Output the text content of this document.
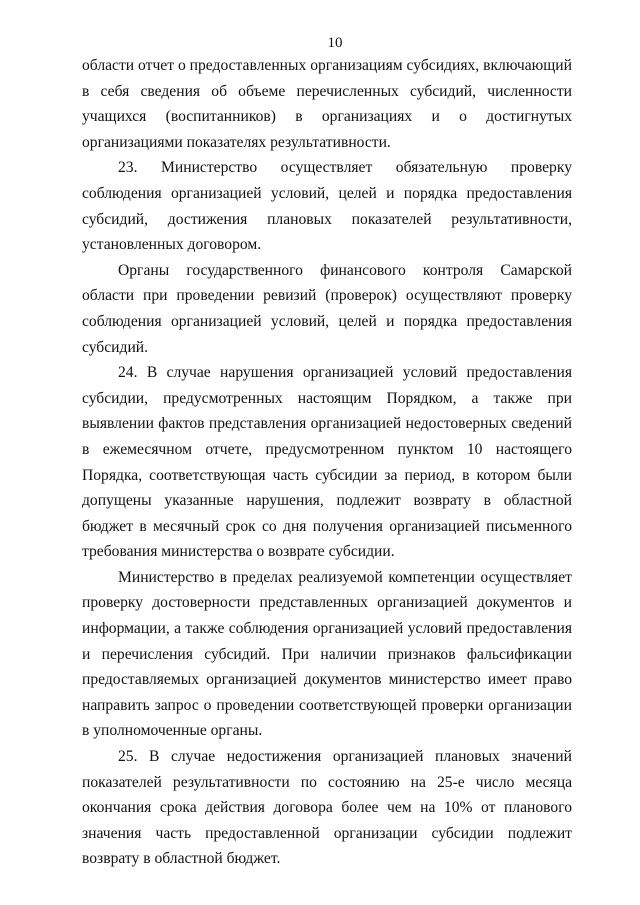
10

области отчет о предоставленных организациям субсидиях, включающий в себя сведения об объеме перечисленных субсидий, численности учащихся (воспитанников) в организациях и о достигнутых организациями показателях результативности.

23. Министерство осуществляет обязательную проверку соблюдения организацией условий, целей и порядка предоставления субсидий, достижения плановых показателей результативности, установленных договором.

Органы государственного финансового контроля Самарской области при проведении ревизий (проверок) осуществляют проверку соблюдения организацией условий, целей и порядка предоставления субсидий.

24. В случае нарушения организацией условий предоставления субсидии, предусмотренных настоящим Порядком, а также при выявлении фактов представления организацией недостоверных сведений в ежемесячном отчете, предусмотренном пунктом 10 настоящего Порядка, соответствующая часть субсидии за период, в котором были допущены указанные нарушения, подлежит возврату в областной бюджет в месячный срок со дня получения организацией письменного требования министерства о возврате субсидии.

Министерство в пределах реализуемой компетенции осуществляет проверку достоверности представленных организацией документов и информации, а также соблюдения организацией условий предоставления и перечисления субсидий. При наличии признаков фальсификации предоставляемых организацией документов министерство имеет право направить запрос о проведении соответствующей проверки организации в уполномоченные органы.

25. В случае недостижения организацией плановых значений показателей результативности по состоянию на 25-е число месяца окончания срока действия договора более чем на 10% от планового значения часть предоставленной организации субсидии подлежит возврату в областной бюджет.
